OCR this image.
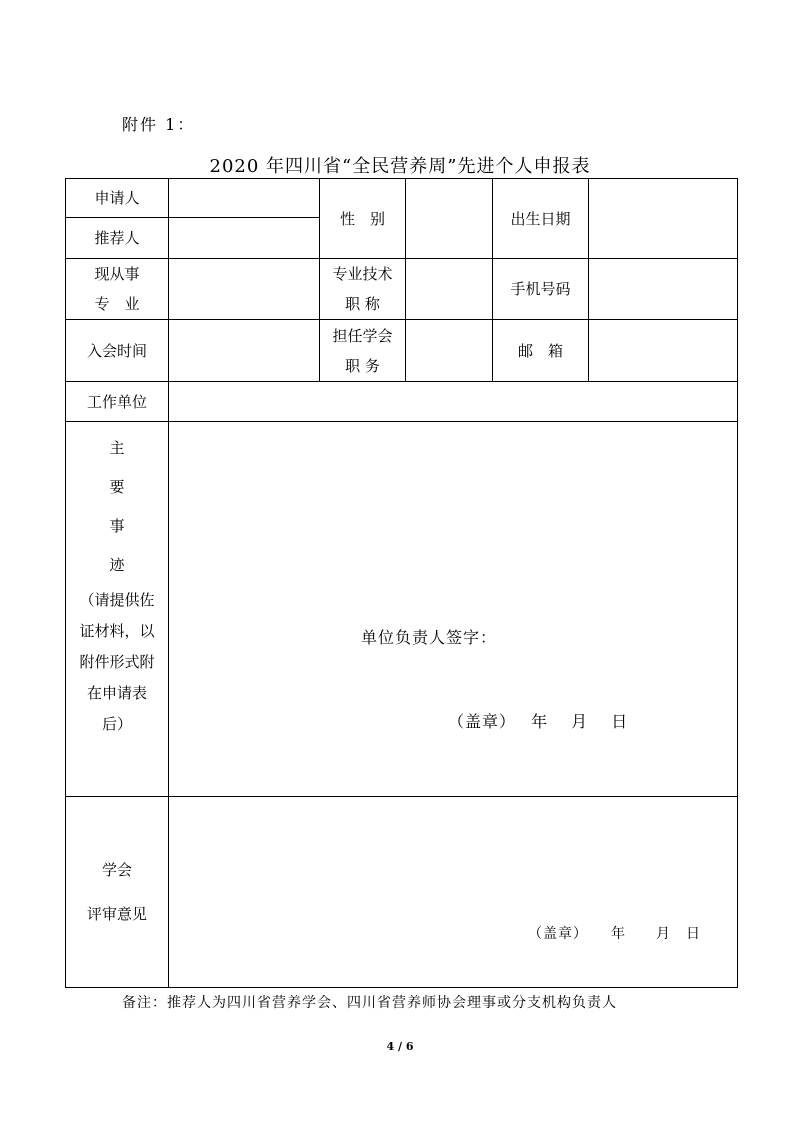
附件 1：
2020 年四川省“全民营养周”先进个人申报表
申请人
推荐人
性　别	出生日期
现从事
专　业
专业技术
职 称
手机号码
入会时间
担任学会
职 务
邮　箱
工作单位
主
要
事
迹
（请提供佐
证材料，以
附件形式附
在申请表
后）
单位负责人签字：
（盖章）　 年　 月　 日
学会
评审意见
（盖章）　　年　　月　日
备注：推荐人为四川省营养学会、四川省营养师协会理事或分支机构负责人
4 / 6
